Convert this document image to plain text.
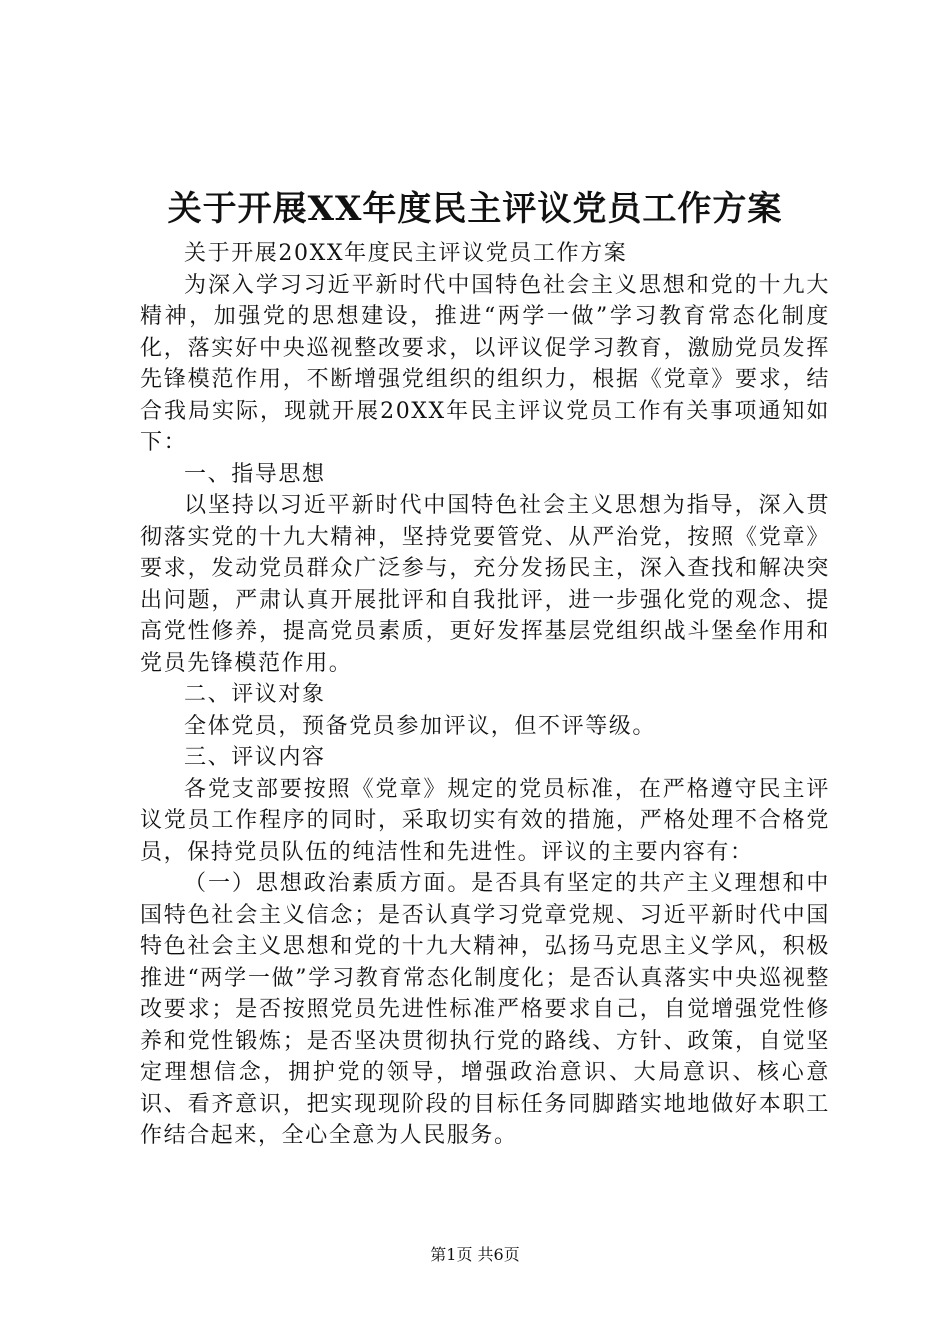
关于开展XX年度民主评议党员工作方案

关于开展20XX年度民主评议党员工作方案

为深入学习习近平新时代中国特色社会主义思想和党的十九大精神，加强党的思想建设，推进“两学一做”学习教育常态化制度化，落实好中央巡视整改要求，以评议促学习教育，激励党员发挥先锋模范作用，不断增强党组织的组织力，根据《党章》要求，结合我局实际，现就开展20XX年民主评议党员工作有关事项通知如下：

一、指导思想

以坚持以习近平新时代中国特色社会主义思想为指导，深入贯彻落实党的十九大精神，坚持党要管党、从严治党，按照《党章》要求，发动党员群众广泛参与，充分发扬民主，深入查找和解决突出问题，严肃认真开展批评和自我批评，进一步强化党的观念、提高党性修养，提高党员素质，更好发挥基层党组织战斗堡垒作用和党员先锋模范作用。

二、评议对象

全体党员，预备党员参加评议，但不评等级。

三、评议内容

各党支部要按照《党章》规定的党员标准，在严格遵守民主评议党员工作程序的同时，采取切实有效的措施，严格处理不合格党员，保持党员队伍的纯洁性和先进性。评议的主要内容有：

（一）思想政治素质方面。是否具有坚定的共产主义理想和中国特色社会主义信念；是否认真学习党章党规、习近平新时代中国特色社会主义思想和党的十九大精神，弘扬马克思主义学风，积极推进“两学一做”学习教育常态化制度化；是否认真落实中央巡视整改要求；是否按照党员先进性标准严格要求自己，自觉增强党性修养和党性锻炼；是否坚决贯彻执行党的路线、方针、政策，自觉坚定理想信念，拥护党的领导，增强政治意识、大局意识、核心意识、看齐意识，把实现现阶段的目标任务同脚踏实地地做好本职工作结合起来，全心全意为人民服务。

第1页 共6页
